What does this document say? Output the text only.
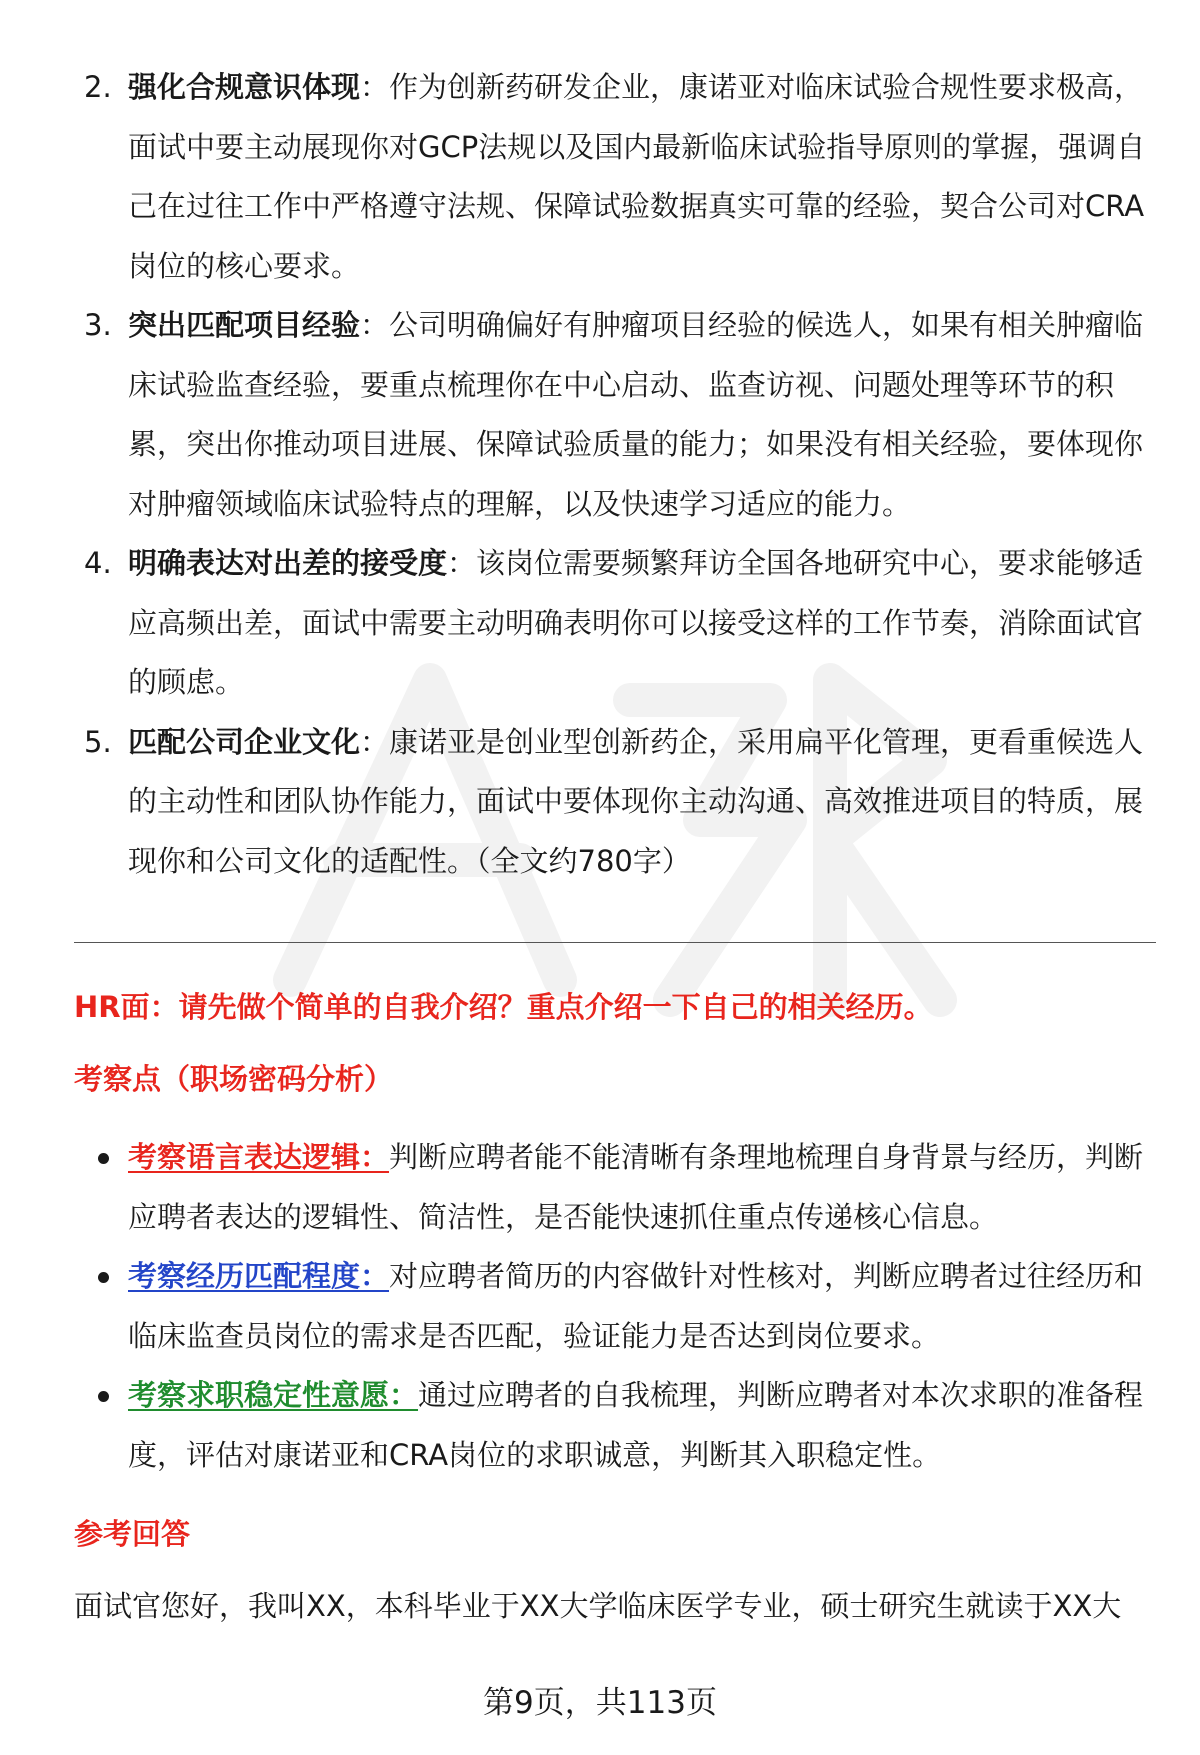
2. 强化合规意识体现：作为创新药研发企业，康诺亚对临床试验合规性要求极高，面试中要主动展现你对GCP法规以及国内最新临床试验指导原则的掌握，强调自己在过往工作中严格遵守法规、保障试验数据真实可靠的经验，契合公司对CRA岗位的核心要求。
3. 突出匹配项目经验：公司明确偏好有肿瘤项目经验的候选人，如果有相关肿瘤临床试验监查经验，要重点梳理你在中心启动、监查访视、问题处理等环节的积累，突出你推动项目进展、保障试验质量的能力；如果没有相关经验，要体现你对肿瘤领域临床试验特点的理解，以及快速学习适应的能力。
4. 明确表达对出差的接受度：该岗位需要频繁拜访全国各地研究中心，要求能够适应高频出差，面试中需要主动明确表明你可以接受这样的工作节奏，消除面试官的顾虑。
5. 匹配公司企业文化：康诺亚是创业型创新药企，采用扁平化管理，更看重候选人的主动性和团队协作能力，面试中要体现你主动沟通、高效推进项目的特质，展现你和公司文化的适配性。（全文约780字）
HR面：请先做个简单的自我介绍？重点介绍一下自己的相关经历。
考察点（职场密码分析）
考察语言表达逻辑：判断应聘者能不能清晰有条理地梳理自身背景与经历，判断应聘者表达的逻辑性、简洁性，是否能快速抓住重点传递核心信息。
考察经历匹配程度：对应聘者简历的内容做针对性核对，判断应聘者过往经历和临床监查员岗位的需求是否匹配，验证能力是否达到岗位要求。
考察求职稳定性意愿：通过应聘者的自我梳理，判断应聘者对本次求职的准备程度，评估对康诺亚和CRA岗位的求职诚意，判断其入职稳定性。
参考回答
面试官您好，我叫XX，本科毕业于XX大学临床医学专业，硕士研究生就读于XX大
第9页，共113页
